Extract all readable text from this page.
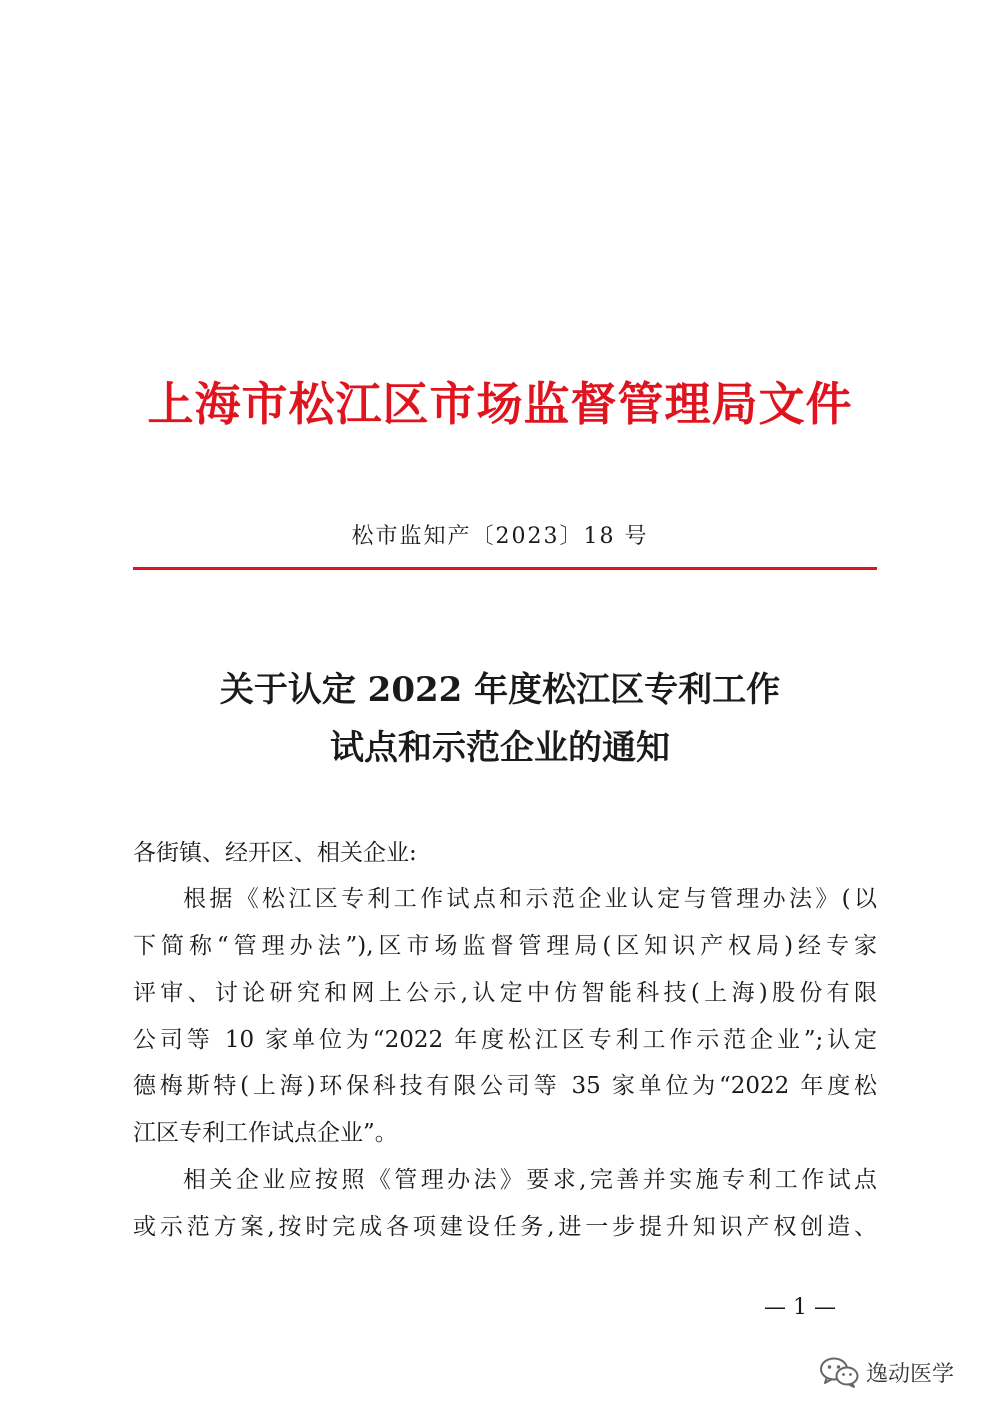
上海市松江区市场监督管理局文件
松市监知产〔2023〕18 号
关于认定 2022 年度松江区专利工作
试点和示范企业的通知
各街镇、经开区、相关企业:
根据《松江区专利工作试点和示范企业认定与管理办法》(以
下简称“管理办法”),区市场监督管理局(区知识产权局)经专家
评审、讨论研究和网上公示,认定中仿智能科技(上海)股份有限
公司等 10 家单位为“2022 年度松江区专利工作示范企业”;认定
德梅斯特(上海)环保科技有限公司等 35 家单位为“2022 年度松
江区专利工作试点企业”。
相关企业应按照《管理办法》要求,完善并实施专利工作试点
或示范方案,按时完成各项建设任务,进一步提升知识产权创造、
— 1 —
逸动医学
